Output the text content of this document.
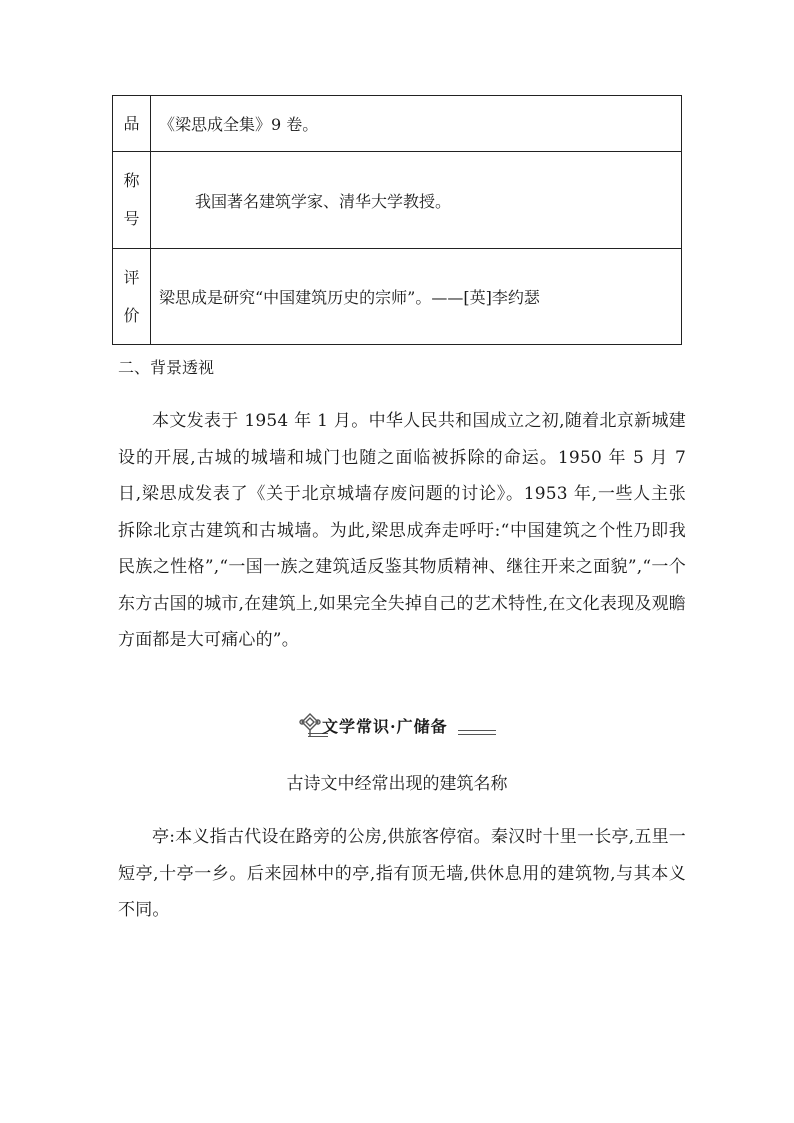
品	《梁思成全集》9 卷。

称
号	我国著名建筑学家、清华大学教授。

评
价	梁思成是研究“中国建筑历史的宗师”。——[英]李约瑟
二、背景透视
本文发表于 1954 年 1 月。中华人民共和国成立之初,随着北京新城建设的开展,古城的城墙和城门也随之面临被拆除的命运。1950 年 5 月 7 日,梁思成发表了《关于北京城墙存废问题的讨论》。1953 年,一些人主张拆除北京古建筑和古城墙。为此,梁思成奔走呼吁:“中国建筑之个性乃即我民族之性格”,“一国一族之建筑适反鉴其物质精神、继往开来之面貌”,“一个东方古国的城市,在建筑上,如果完全失掉自己的艺术特性,在文化表现及观瞻方面都是大可痛心的”。
文学常识·广储备
古诗文中经常出现的建筑名称
亭:本义指古代设在路旁的公房,供旅客停宿。秦汉时十里一长亭,五里一短亭,十亭一乡。后来园林中的亭,指有顶无墙,供休息用的建筑物,与其本义不同。
